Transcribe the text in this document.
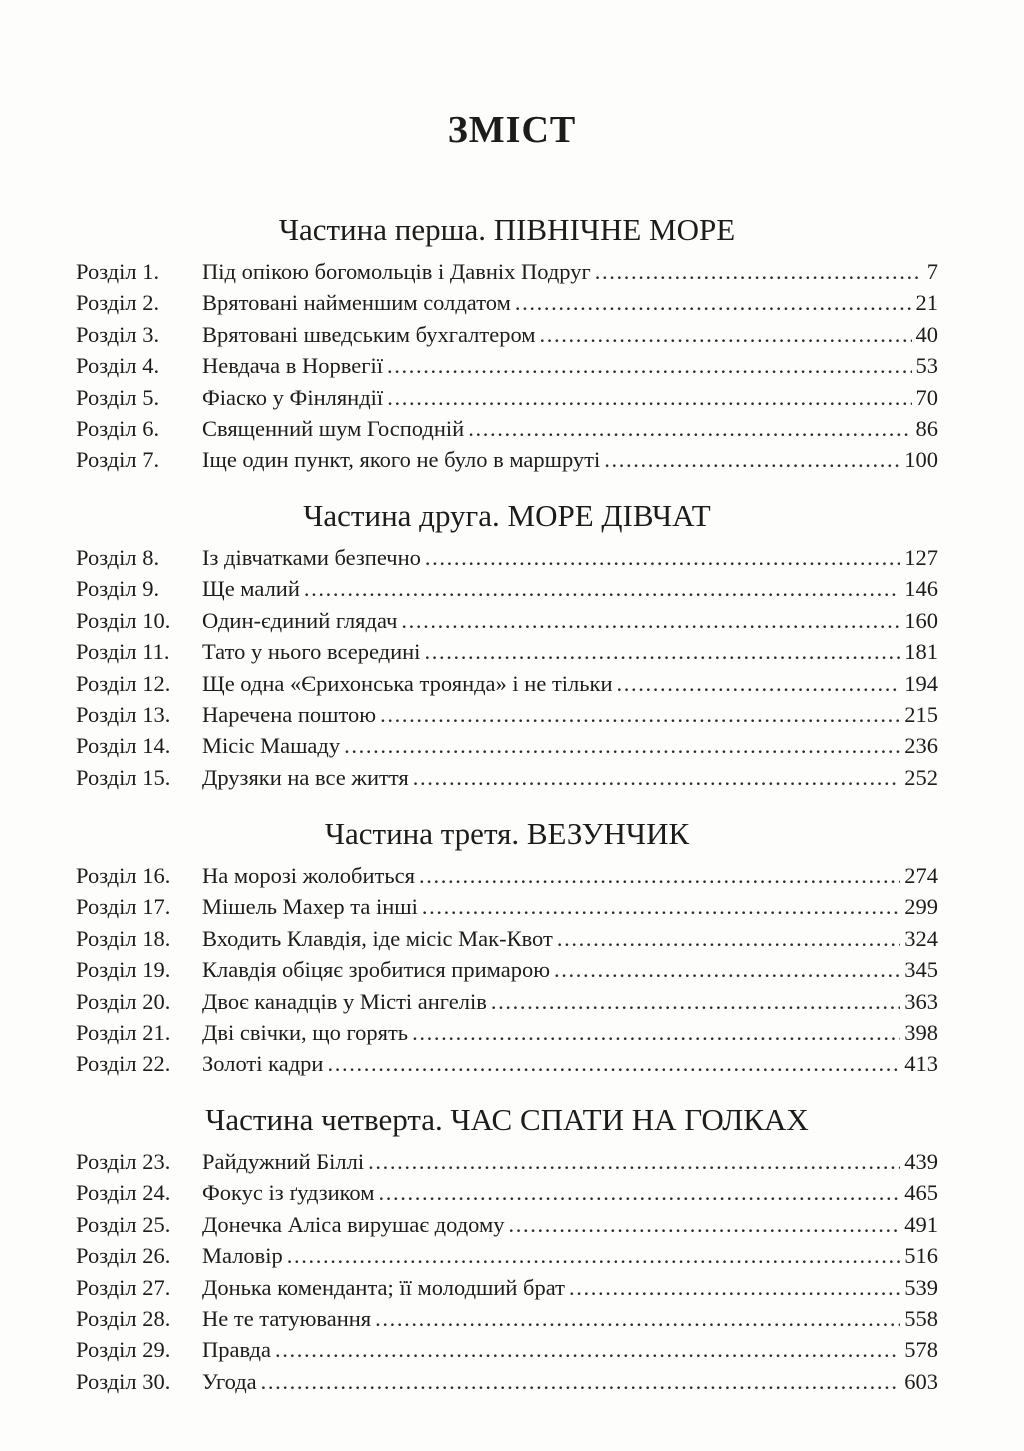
ЗМІСТ
Частина перша. ПІВНІЧНЕ МОРЕ
Розділ 1.	Під опікою богомольців і Давніх Подруг . . .	7
Розділ 2.	Врятовані найменшим солдатом . . .	21
Розділ 3.	Врятовані шведським бухгалтером . . .	40
Розділ 4.	Невдача в Норвегії . . .	53
Розділ 5.	Фіаско у Фінляндії . . .	70
Розділ 6.	Священний шум Господній . . .	86
Розділ 7.	Іще один пункт, якого не було в маршруті . . .	100
Частина друга. МОРЕ ДІВЧАТ
Розділ 8.	Із дівчатками безпечно . . .	127
Розділ 9.	Ще малий . . .	146
Розділ 10.	Один-єдиний глядач . . .	160
Розділ 11.	Тато у нього всередині . . .	181
Розділ 12.	Ще одна «Єрихонська троянда» і не тільки . . .	194
Розділ 13.	Наречена поштою . . .	215
Розділ 14.	Місіс Машаду . . .	236
Розділ 15.	Друзяки на все життя . . .	252
Частина третя. ВЕЗУНЧИК
Розділ 16.	На морозі жолобиться . . .	274
Розділ 17.	Мішель Махер та інші . . .	299
Розділ 18.	Входить Клавдія, іде місіс Мак-Квот . . .	324
Розділ 19.	Клавдія обіцяє зробитися примарою . . .	345
Розділ 20.	Двоє канадців у Місті ангелів . . .	363
Розділ 21.	Дві свічки, що горять . . .	398
Розділ 22.	Золоті кадри . . .	413
Частина четверта. ЧАС СПАТИ НА ГОЛКАХ
Розділ 23.	Райдужний Біллі . . .	439
Розділ 24.	Фокус із ґудзиком . . .	465
Розділ 25.	Донечка Аліса вирушає додому . . .	491
Розділ 26.	Маловір . . .	516
Розділ 27.	Донька коменданта; її молодший брат . . .	539
Розділ 28.	Не те татуювання . . .	558
Розділ 29.	Правда . . .	578
Розділ 30.	Угода . . .	603
